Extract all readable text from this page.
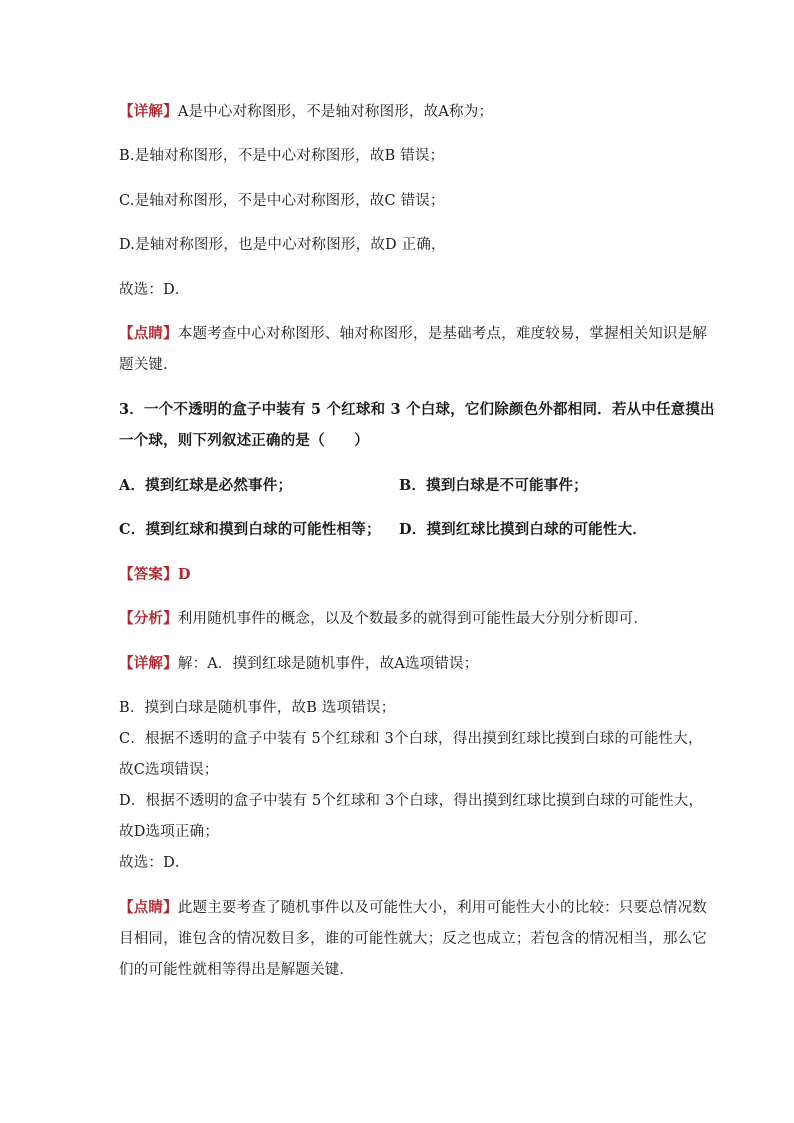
【详解】A是中心对称图形，不是轴对称图形，故A称为；
B.是轴对称图形，不是中心对称图形，故B 错误；
C.是轴对称图形，不是中心对称图形，故C 错误；
D.是轴对称图形，也是中心对称图形，故D 正确，
故选：D．
【点睛】本题考查中心对称图形、轴对称图形，是基础考点，难度较易，掌握相关知识是解
题关键．
3．一个不透明的盒子中装有 5 个红球和 3 个白球，它们除颜色外都相同．若从中任意摸出
一个球，则下列叙述正确的是（　　）
A．摸到红球是必然事件；	B．摸到白球是不可能事件；
C．摸到红球和摸到白球的可能性相等； D．摸到红球比摸到白球的可能性大．
【答案】D
【分析】利用随机事件的概念，以及个数最多的就得到可能性最大分别分析即可．
【详解】解：A．摸到红球是随机事件，故A选项错误；
B．摸到白球是随机事件，故B 选项错误；
C．根据不透明的盒子中装有 5个红球和 3个白球，得出摸到红球比摸到白球的可能性大，
故C选项错误；
D．根据不透明的盒子中装有 5个红球和 3个白球，得出摸到红球比摸到白球的可能性大，
故D选项正确；
故选：D．
【点睛】此题主要考查了随机事件以及可能性大小，利用可能性大小的比较：只要总情况数
目相同，谁包含的情况数目多，谁的可能性就大；反之也成立；若包含的情况相当，那么它
们的可能性就相等得出是解题关键．
